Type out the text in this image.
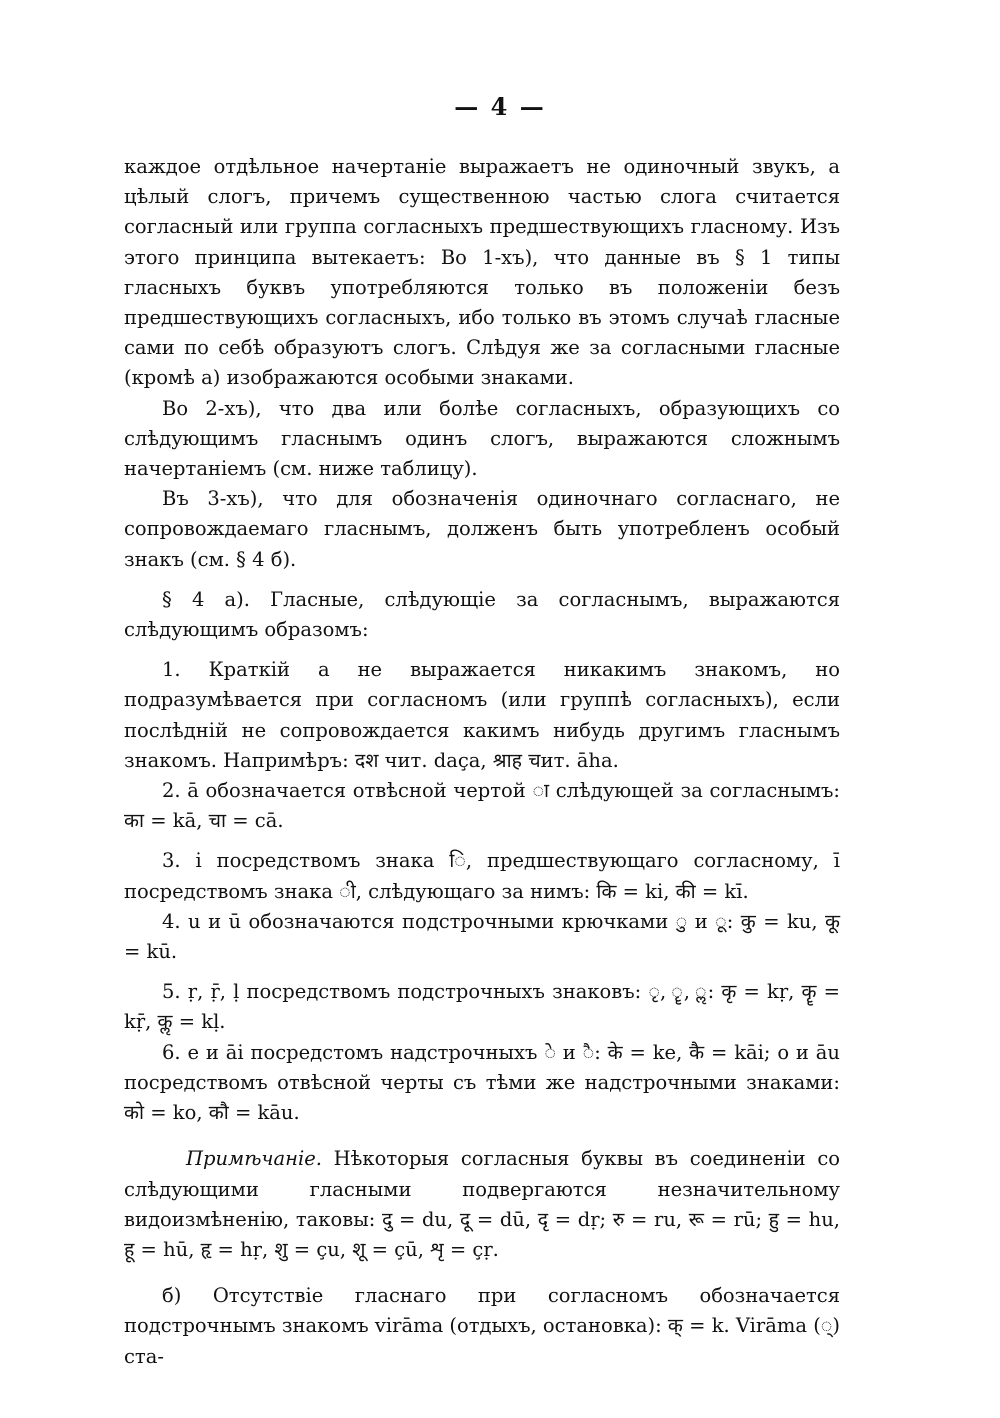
— 4 —

каждое отдѣльное начертаніе выражаетъ не одиночный звукъ, а цѣлый слогъ, причемъ существенною частью слога считается согласный или группа согласныхъ предшествующихъ гласному. Изъ этого принципа вытекаетъ: Во 1-хъ), что данные въ § 1 типы гласныхъ буквъ употребляются только въ положеніи безъ предшествующихъ согласныхъ, ибо только въ этомъ случаѣ гласные сами по себѣ образуютъ слогъ. Слѣдуя же за согласными гласные (кромѣ а) изображаются особыми знаками.

Во 2-хъ), что два или болѣе согласныхъ, образующихъ со слѣдующимъ гласнымъ одинъ слогъ, выражаются сложнымъ начертаніемъ (см. ниже таблицу).

Въ 3-хъ), что для обозначенія одиночнаго согласнаго, не сопровождаемаго гласнымъ, долженъ быть употребленъ особый знакъ (см. § 4 б).

§ 4 а). Гласные, слѣдующіе за согласнымъ, выражаются слѣдующимъ образомъ:

1. Краткій а не выражается никакимъ знакомъ, но подразумѣвается при согласномъ (или группѣ согласныхъ), если послѣдній не сопровождается какимъ нибудь другимъ гласнымъ знакомъ. Напримѣръ: दश чит. daça, श्राह चит. āha.

2. ā обозначается отвѣсной чертой ा слѣдующей за согласнымъ: का = kā, चा = cā.

3. i посредствомъ знака ि, предшествующаго согласному, ī посредствомъ знака ी, слѣдующаго за нимъ: कि = ki, की = kī.

4. u и ū обозначаются подстрочными крючками ु и ू: कु = ku, कू = kū.

5. ṛ, ṝ, ḷ посредствомъ подстрочныхъ знаковъ: ृ, ॄ, ॢ: कृ = kṛ, कॄ = kṝ, कॢ = kḷ.

6. e и āi посредстомъ надстрочныхъ े и ै: के = ke, कै = kāi; o и āu посредствомъ отвѣсной черты съ тѣми же надстрочными знаками: को = ko, कौ = kāu.

Примѣчаніе. Нѣкоторыя согласныя буквы въ соединеніи со слѣдующими гласными подвергаются незначительному видоизмѣненію, таковы: दु = du, दू = dū, दृ = dṛ; रु = ru, रू = rū; हु = hu, हू = hū, हृ = hṛ, शु = çu, शू = çū, शृ = çṛ.

б) Отсутствіе гласнаго при согласномъ обозначается подстрочнымъ знакомъ virāma (отдыхъ, остановка): क् = k. Virāma (्) ста-
